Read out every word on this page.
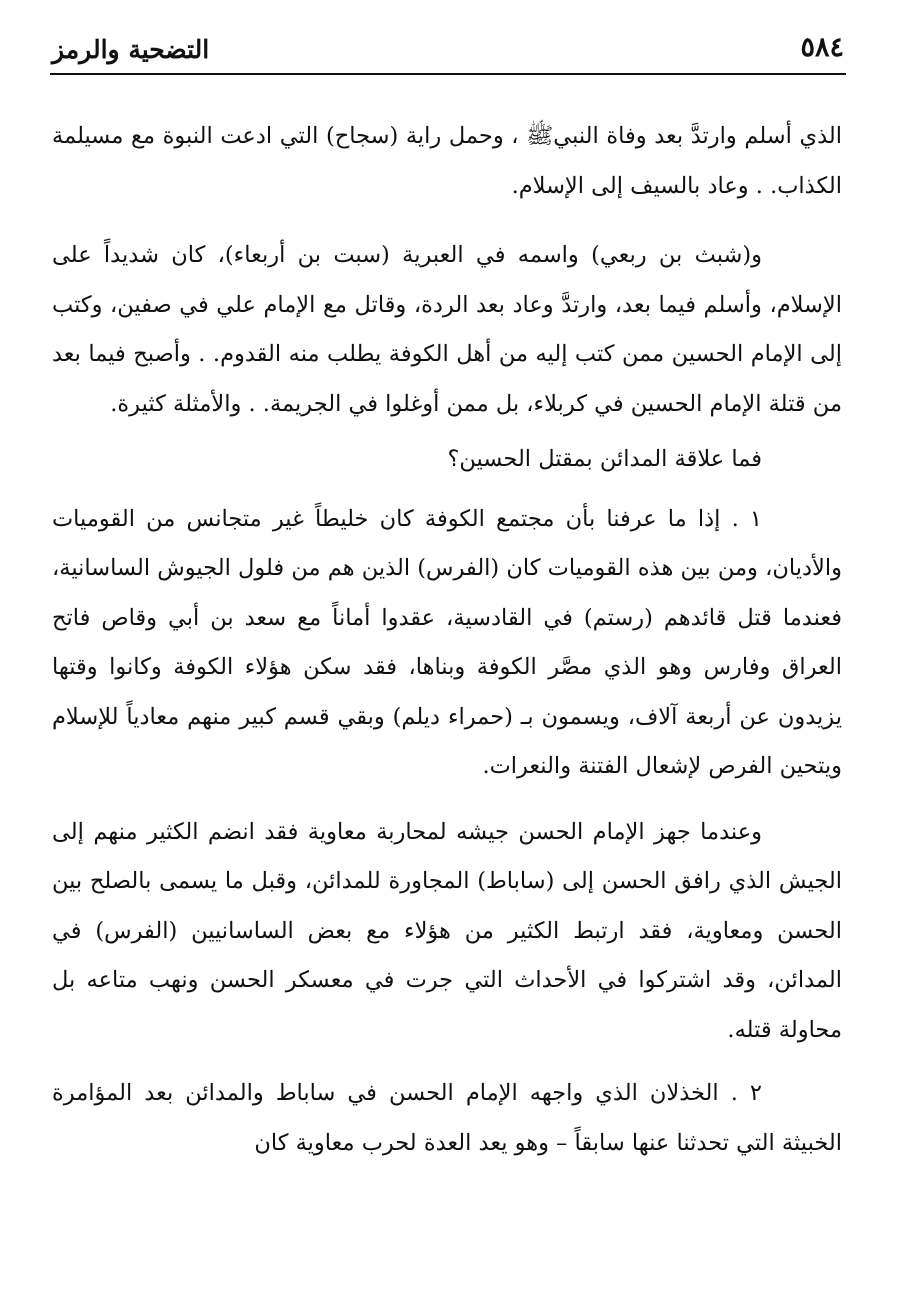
٥٨٤
التضحية والرمز

الذي أسلم وارتدَّ بعد وفاة النبيﷺ ، وحمل راية (سجاح) التي ادعت النبوة مع مسيلمة الكذاب. . وعاد بالسيف إلى الإسلام.

و(شبث بن ربعي) واسمه في العبرية (سبت بن أربعاء)، كان شديداً على الإسلام، وأسلم فيما بعد، وارتدَّ وعاد بعد الردة، وقاتل مع الإمام علي في صفين، وكتب إلى الإمام الحسين ممن كتب إليه من أهل الكوفة يطلب منه القدوم. . وأصبح فيما بعد من قتلة الإمام الحسين في كربلاء، بل ممن أوغلوا في الجريمة. . والأمثلة كثيرة.

فما علاقة المدائن بمقتل الحسين؟

١ . إذا ما عرفنا بأن مجتمع الكوفة كان خليطاً غير متجانس من القوميات والأديان، ومن بين هذه القوميات كان (الفرس) الذين هم من فلول الجيوش الساسانية، فعندما قتل قائدهم (رستم) في القادسية، عقدوا أماناً مع سعد بن أبي وقاص فاتح العراق وفارس وهو الذي مصَّر الكوفة وبناها، فقد سكن هؤلاء الكوفة وكانوا وقتها يزيدون عن أربعة آلاف، ويسمون بـ (حمراء ديلم) وبقي قسم كبير منهم معادياً للإسلام ويتحين الفرص لإشعال الفتنة والنعرات.

وعندما جهز الإمام الحسن جيشه لمحاربة معاوية فقد انضم الكثير منهم إلى الجيش الذي رافق الحسن إلى (ساباط) المجاورة للمدائن، وقبل ما يسمى بالصلح بين الحسن ومعاوية، فقد ارتبط الكثير من هؤلاء مع بعض الساسانيين (الفرس) في المدائن، وقد اشتركوا في الأحداث التي جرت في معسكر الحسن ونهب متاعه بل محاولة قتله.

٢ . الخذلان الذي واجهه الإمام الحسن في ساباط والمدائن بعد المؤامرة الخبيثة التي تحدثنا عنها سابقاً – وهو يعد العدة لحرب معاوية كان
